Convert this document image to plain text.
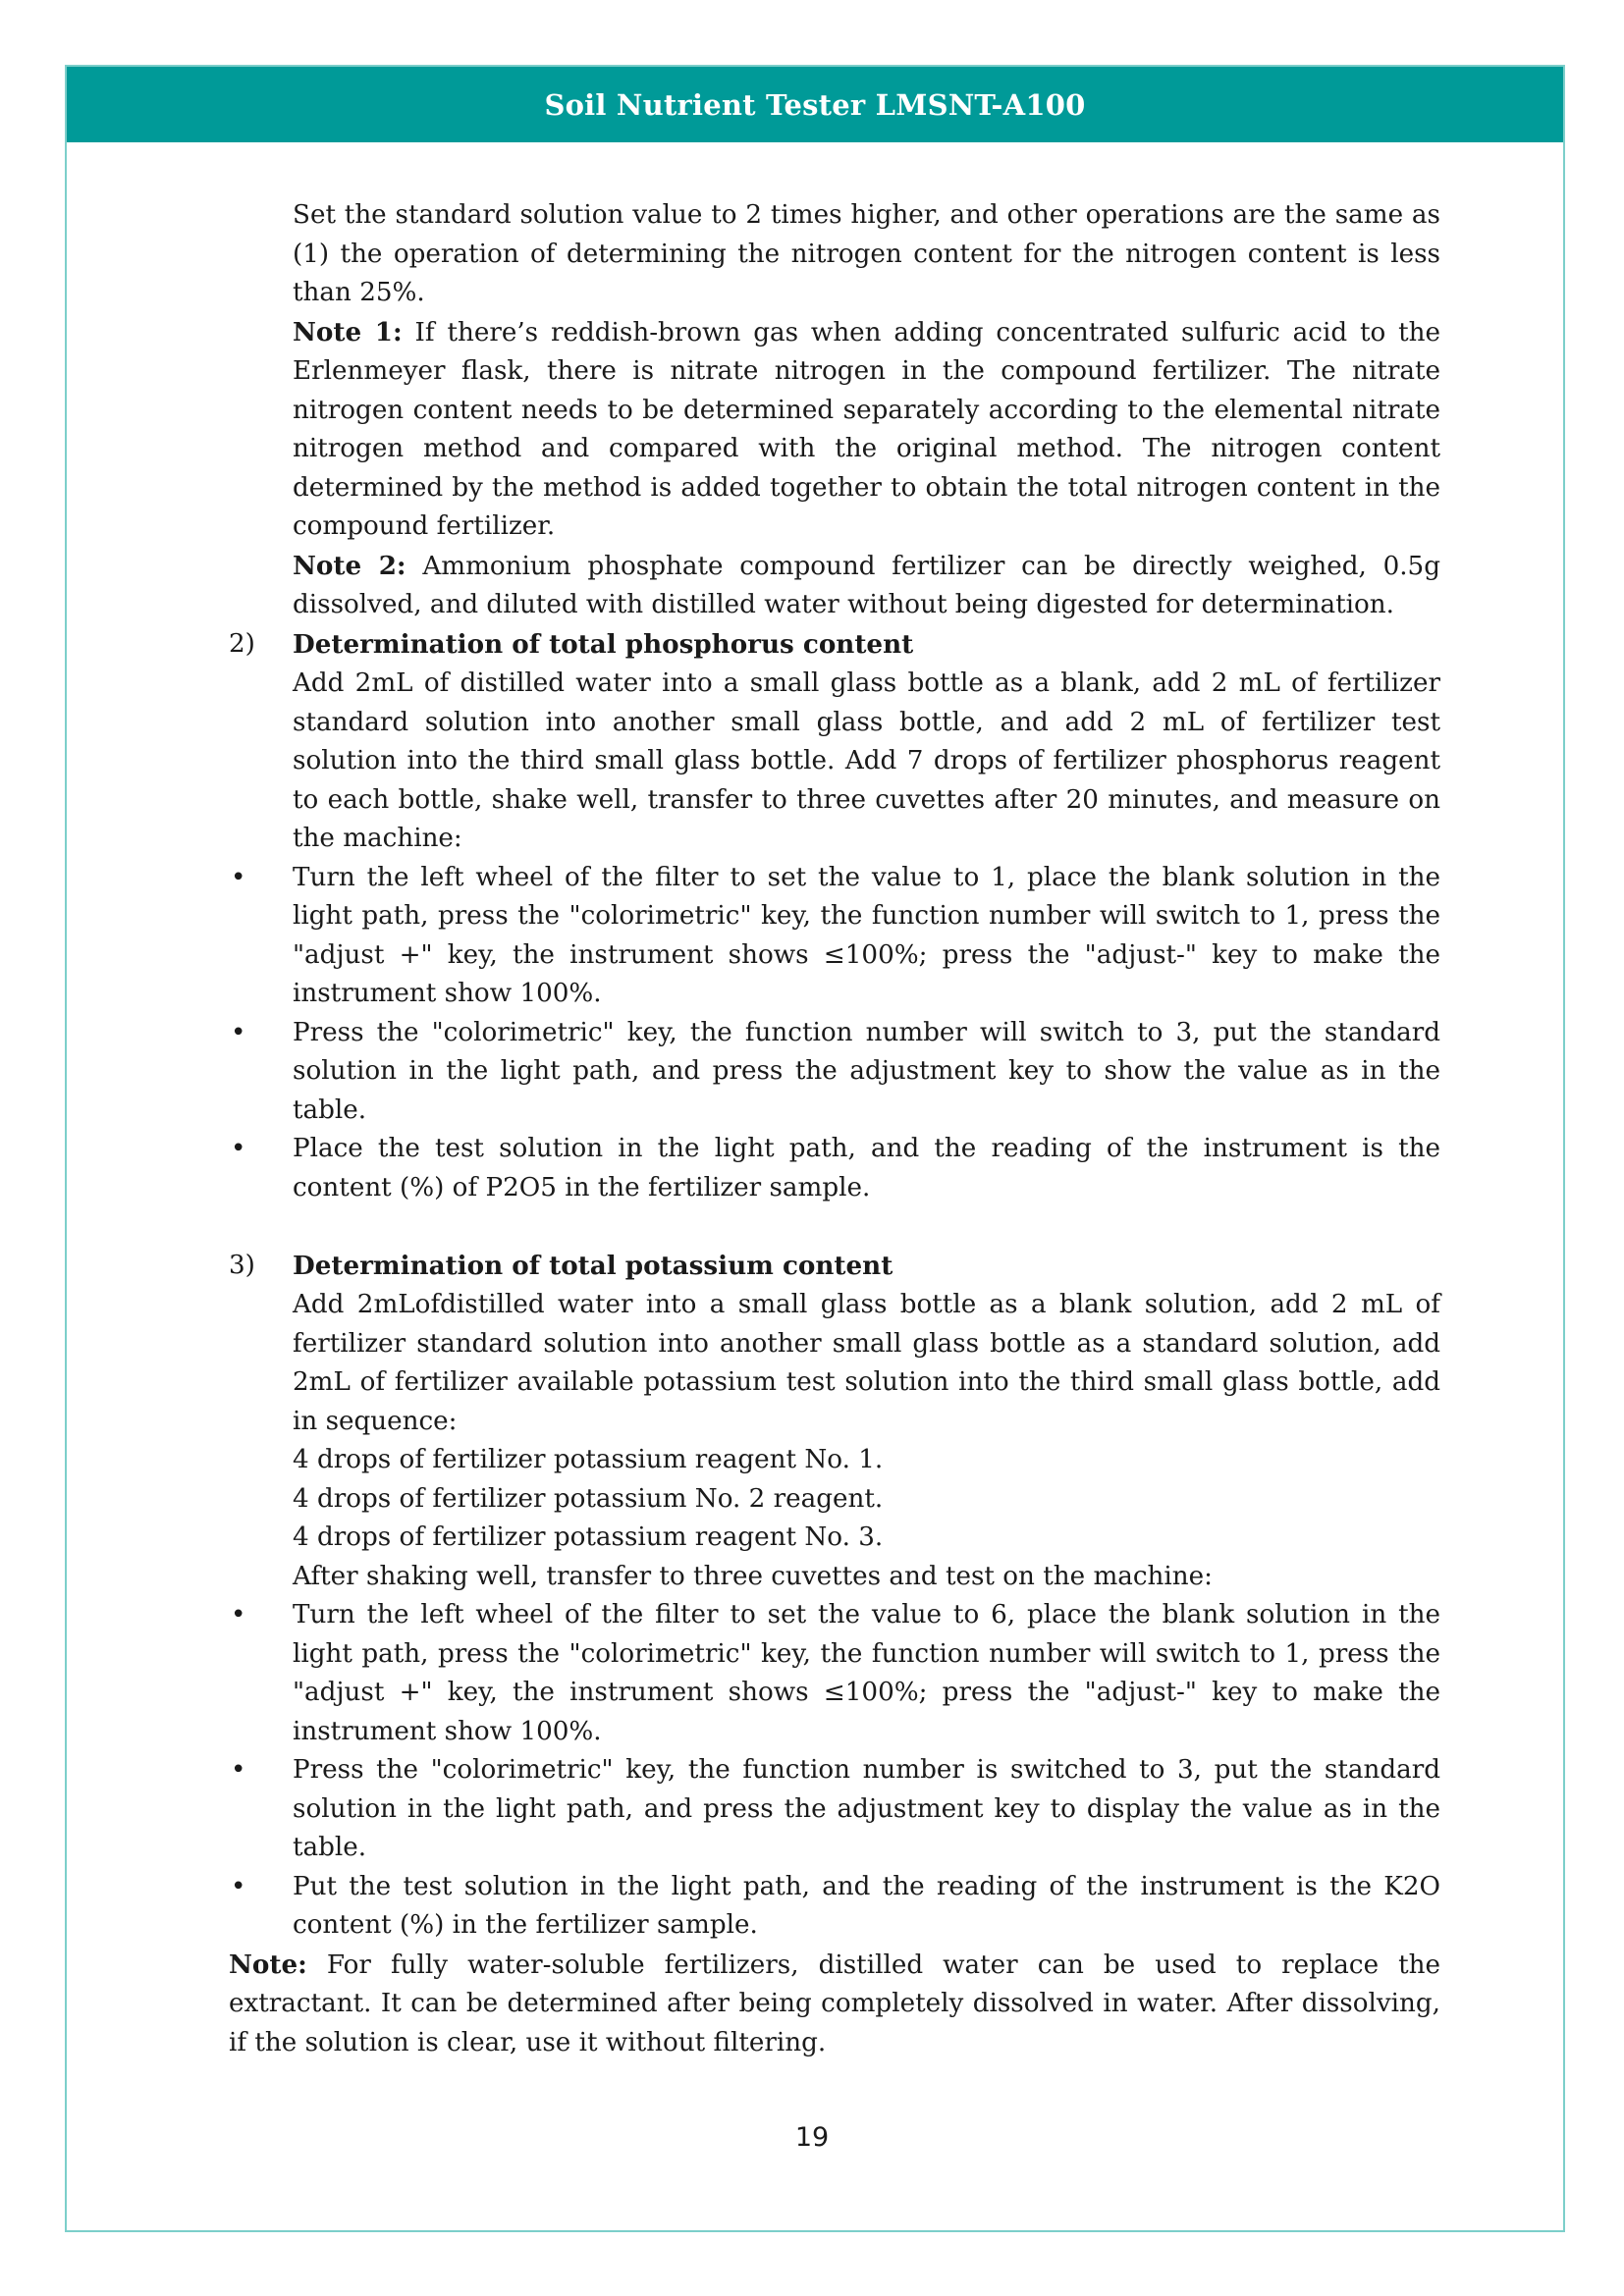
Soil Nutrient Tester LMSNT-A100

Set the standard solution value to 2 times higher, and other operations are the same as (1) the operation of determining the nitrogen content for the nitrogen content is less than 25%.

Note 1: If there’s reddish-brown gas when adding concentrated sulfuric acid to the Erlenmeyer flask, there is nitrate nitrogen in the compound fertilizer. The nitrate nitrogen content needs to be determined separately according to the elemental nitrate nitrogen method and compared with the original method. The nitrogen content determined by the method is added together to obtain the total nitrogen content in the compound fertilizer.

Note 2: Ammonium phosphate compound fertilizer can be directly weighed, 0.5g dissolved, and diluted with distilled water without being digested for determination.

2) Determination of total phosphorus content

Add 2mL of distilled water into a small glass bottle as a blank, add 2 mL of fertilizer standard solution into another small glass bottle, and add 2 mL of fertilizer test solution into the third small glass bottle. Add 7 drops of fertilizer phosphorus reagent to each bottle, shake well, transfer to three cuvettes after 20 minutes, and measure on the machine:

• Turn the left wheel of the filter to set the value to 1, place the blank solution in the light path, press the "colorimetric" key, the function number will switch to 1, press the "adjust +" key, the instrument shows ≤100%; press the "adjust-" key to make the instrument show 100%.

• Press the "colorimetric" key, the function number will switch to 3, put the standard solution in the light path, and press the adjustment key to show the value as in the table.

• Place the test solution in the light path, and the reading of the instrument is the content (%) of P2O5 in the fertilizer sample.

3) Determination of total potassium content

Add 2mLofdistilled water into a small glass bottle as a blank solution, add 2 mL of fertilizer standard solution into another small glass bottle as a standard solution, add 2mL of fertilizer available potassium test solution into the third small glass bottle, add in sequence:

4 drops of fertilizer potassium reagent No. 1.

4 drops of fertilizer potassium No. 2 reagent.

4 drops of fertilizer potassium reagent No. 3.

After shaking well, transfer to three cuvettes and test on the machine:

• Turn the left wheel of the filter to set the value to 6, place the blank solution in the light path, press the "colorimetric" key, the function number will switch to 1, press the "adjust +" key, the instrument shows ≤100%; press the "adjust-" key to make the instrument show 100%.

• Press the "colorimetric" key, the function number is switched to 3, put the standard solution in the light path, and press the adjustment key to display the value as in the table.

• Put the test solution in the light path, and the reading of the instrument is the K2O content (%) in the fertilizer sample.

Note: For fully water-soluble fertilizers, distilled water can be used to replace the extractant. It can be determined after being completely dissolved in water. After dissolving, if the solution is clear, use it without filtering.

19
